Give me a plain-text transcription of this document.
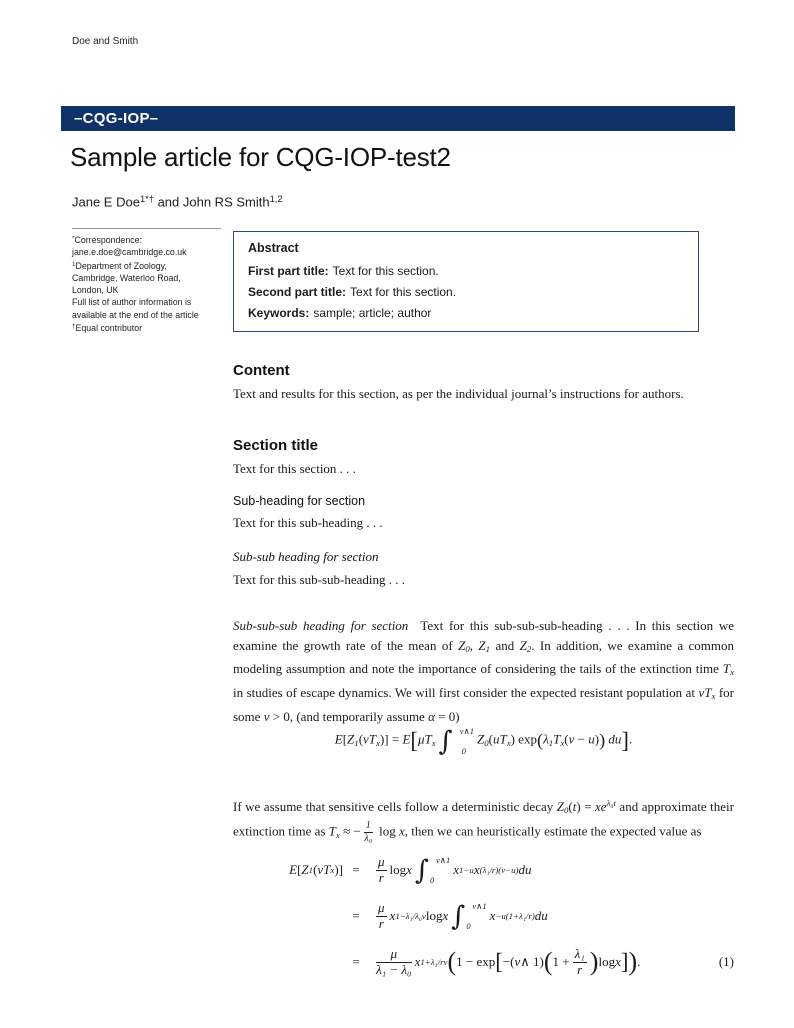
Doe and Smith
–CQG-IOP–
Sample article for CQG-IOP-test2
Jane E Doe$^{1*\dagger}$ and John RS Smith$^{1,2}$
*Correspondence:
jane.e.doe@cambridge.co.uk
$^1$Department of Zoology,
Cambridge, Waterloo Road,
London, UK
Full list of author information is
available at the end of the article
†Equal contributor
Abstract
First part title: Text for this section.
Second part title: Text for this section.
Keywords: sample; article; author
Content

Text and results for this section, as per the individual journal’s instructions for authors.

Section title

Text for this section . . .

Sub-heading for section

Text for this sub-heading . . .

Sub-sub heading for section

Text for this sub-sub-heading . . .

Sub-sub-sub heading for section Text for this sub-sub-sub-heading . . . In this section we examine the growth rate of the mean of Z0, Z1 and Z2. In addition, we examine a common modeling assumption and note the importance of considering the tails of the extinction time Tx in studies of escape dynamics. We will first consider the expected resistant population at vTx for some v > 0, (and temporarily assume α = 0)

E[Z1(vTx)] = E[μTx ∫ v∧1
0
Z0(uTx) exp(λ1Tx(v − u)) du].

If we assume that sensitive cells follow a deterministic decay $Z0(t) = xe^{\lambda_0t}$ and approximate their extinction time as Tx ≈ − $\frac{1}{\text{λ₀}}$ log x, then we can heuristically estimate the expected value as

E [ Z 1 ( vT x )] =	$\frac{\mu}{r}$ log x ∫ v∧1
0
x 1−u x (λ₁/r)(v−u) du
=	$\frac{\mu}{r}$ x 1−λ₁/λ₀v log x ∫ v∧1
0
x −u(1+λ₁/r) du
=	$\frac{\mu}{\text{λ₁ − λ₀}}$ x 1+λ₁/rv ( 1 − exp [ −( v ∧ 1) ( $1 + \frac{\text{λ₁}}{r}$ ) log x ] ) .	(1)
